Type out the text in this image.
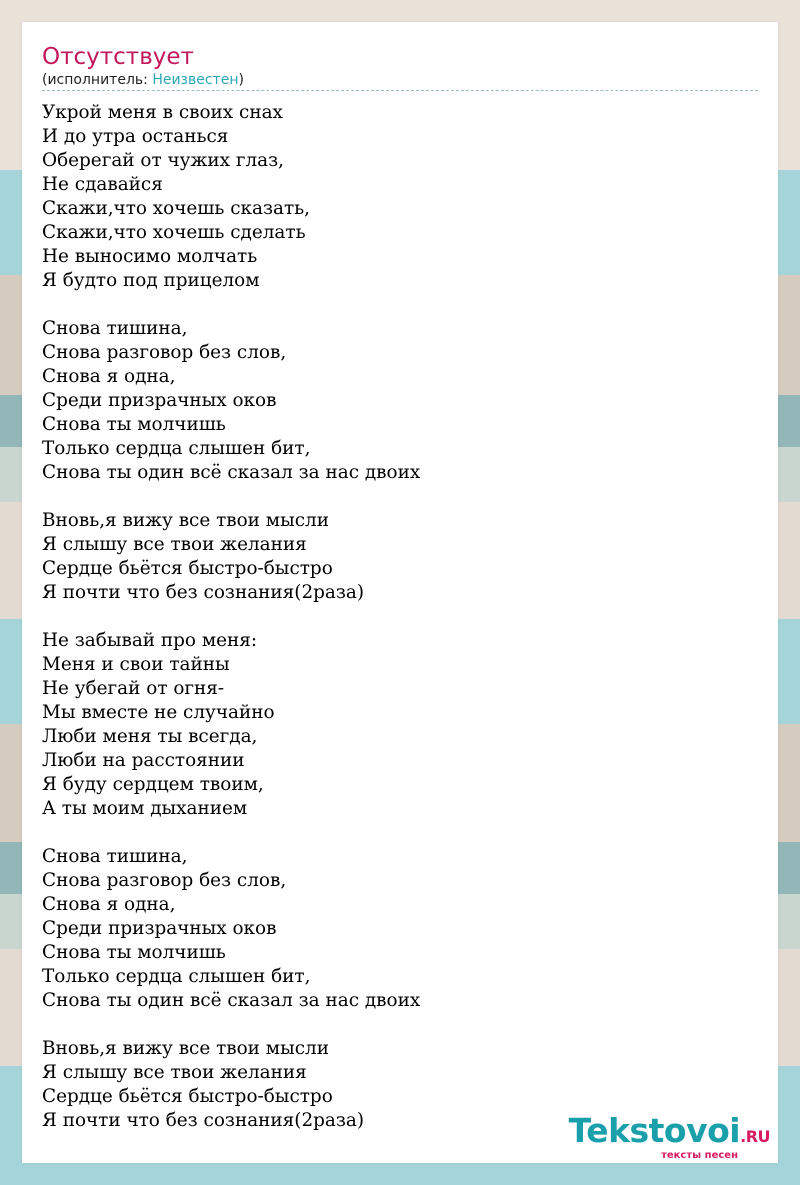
Отсутствует
(исполнитель: Неизвестен)
Укрой меня в своих снах
И до утра останься
Оберегай от чужих глаз,
Не сдавайся
Скажи,что хочешь сказать,
Скажи,что хочешь сделать
Не выносимо молчать
Я будто под прицелом
Снова тишина,
Снова разговор без слов,
Снова я одна,
Среди призрачных оков
Снова ты молчишь
Только сердца слышен бит,
Снова ты один всё сказал за нас двоих
Вновь,я вижу все твои мысли
Я слышу все твои желания
Сердце бьётся быстро-быстро
Я почти что без сознания(2раза)
Не забывай про меня:
Меня и свои тайны
Не убегай от огня-
Мы вместе не случайно
Люби меня ты всегда,
Люби на расстоянии
Я буду сердцем твоим,
А ты моим дыханием
Снова тишина,
Снова разговор без слов,
Снова я одна,
Среди призрачных оков
Снова ты молчишь
Только сердца слышен бит,
Снова ты один всё сказал за нас двоих
Вновь,я вижу все твои мысли
Я слышу все твои желания
Сердце бьётся быстро-быстро
Я почти что без сознания(2раза)	Tekstovoi.RU
тексты песен
